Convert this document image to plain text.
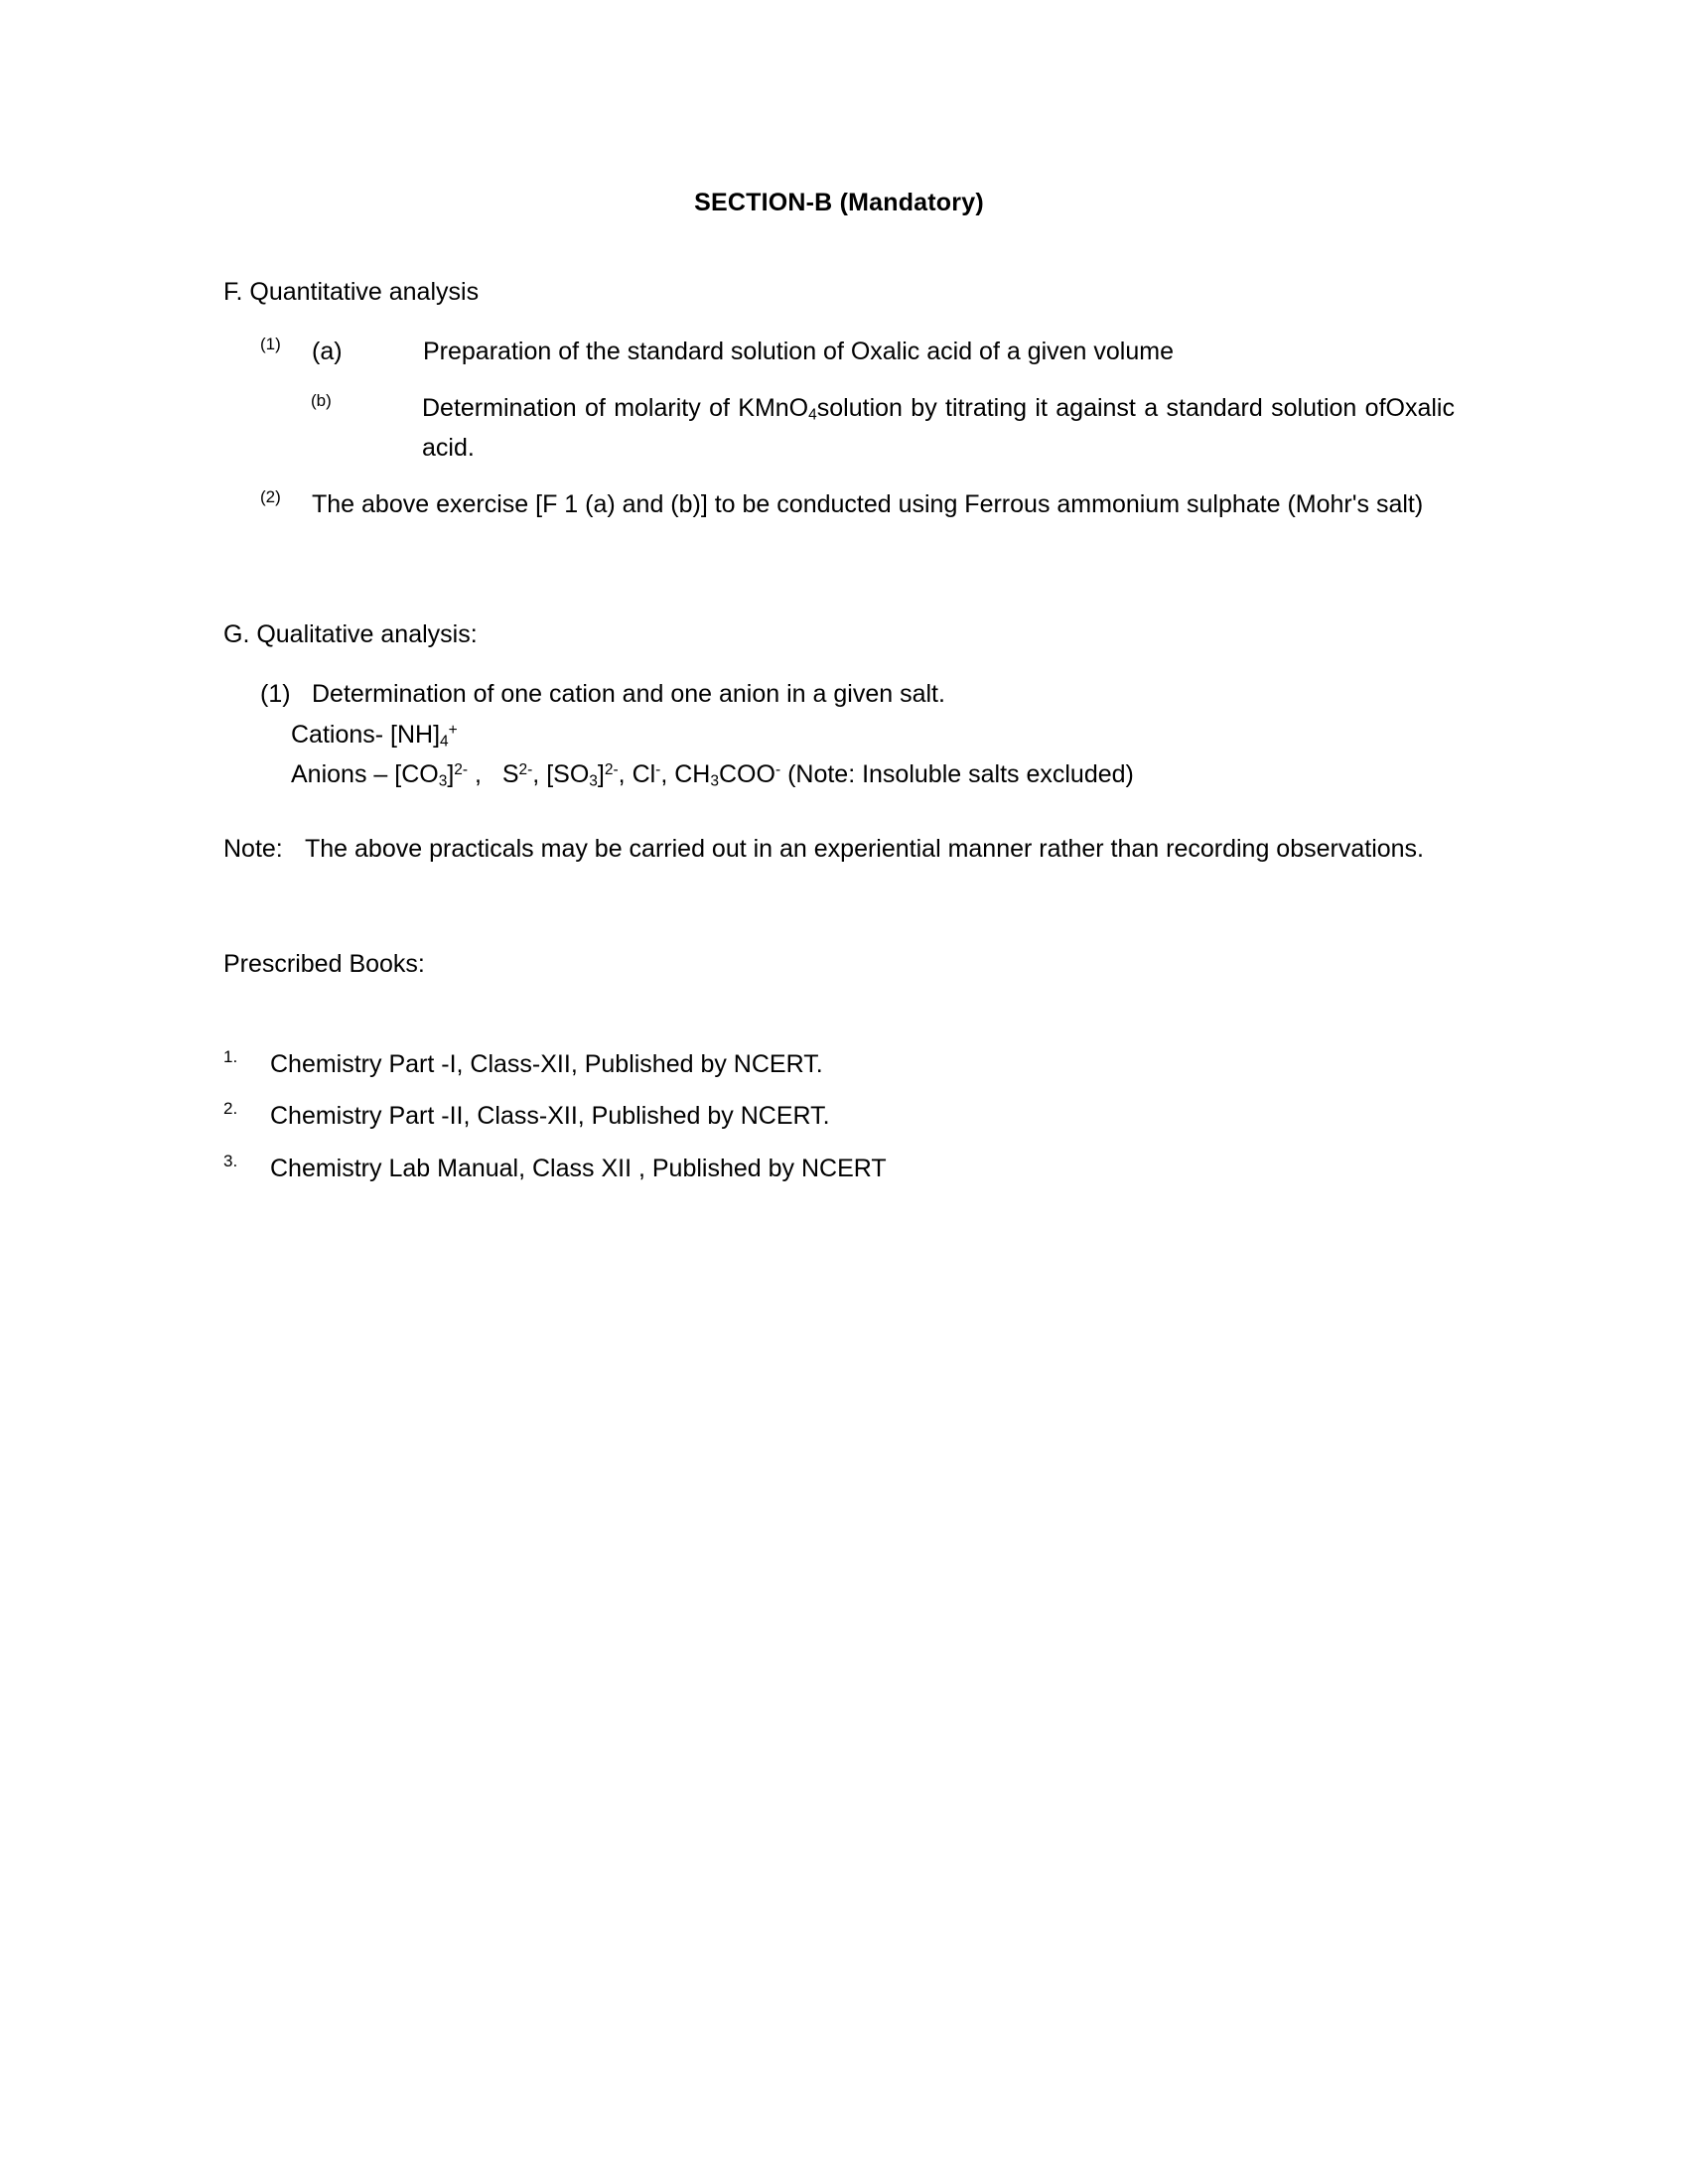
SECTION-B (Mandatory)
F. Quantitative analysis
(1)	(a)	Preparation of the standard solution of Oxalic acid of a given volume
(b)	Determination of molarity of KMnO$_4$solution by titrating it against a standard solution ofOxalic acid.
(2)	The above exercise [F 1 (a) and (b)] to be conducted using Ferrous ammonium sulphate (Mohr's salt)
G. Qualitative analysis:
(1) Determination of one cation and one anion in a given salt.
Cations- $[NH]_4^+$
Anions – $[CO_3]^{2-}$ ,   $S^{2-}$, $[SO_3]^{2-}$, Cl-, $CH_3COO^-$ (Note: Insoluble salts excluded)
Note: The above practicals may be carried out in an experiential manner rather than recording observations.
Prescribed Books:
1.	Chemistry Part -I, Class-XII, Published by NCERT.
2.	Chemistry Part -II, Class-XII, Published by NCERT.
3.	Chemistry Lab Manual, Class XII , Published by NCERT
